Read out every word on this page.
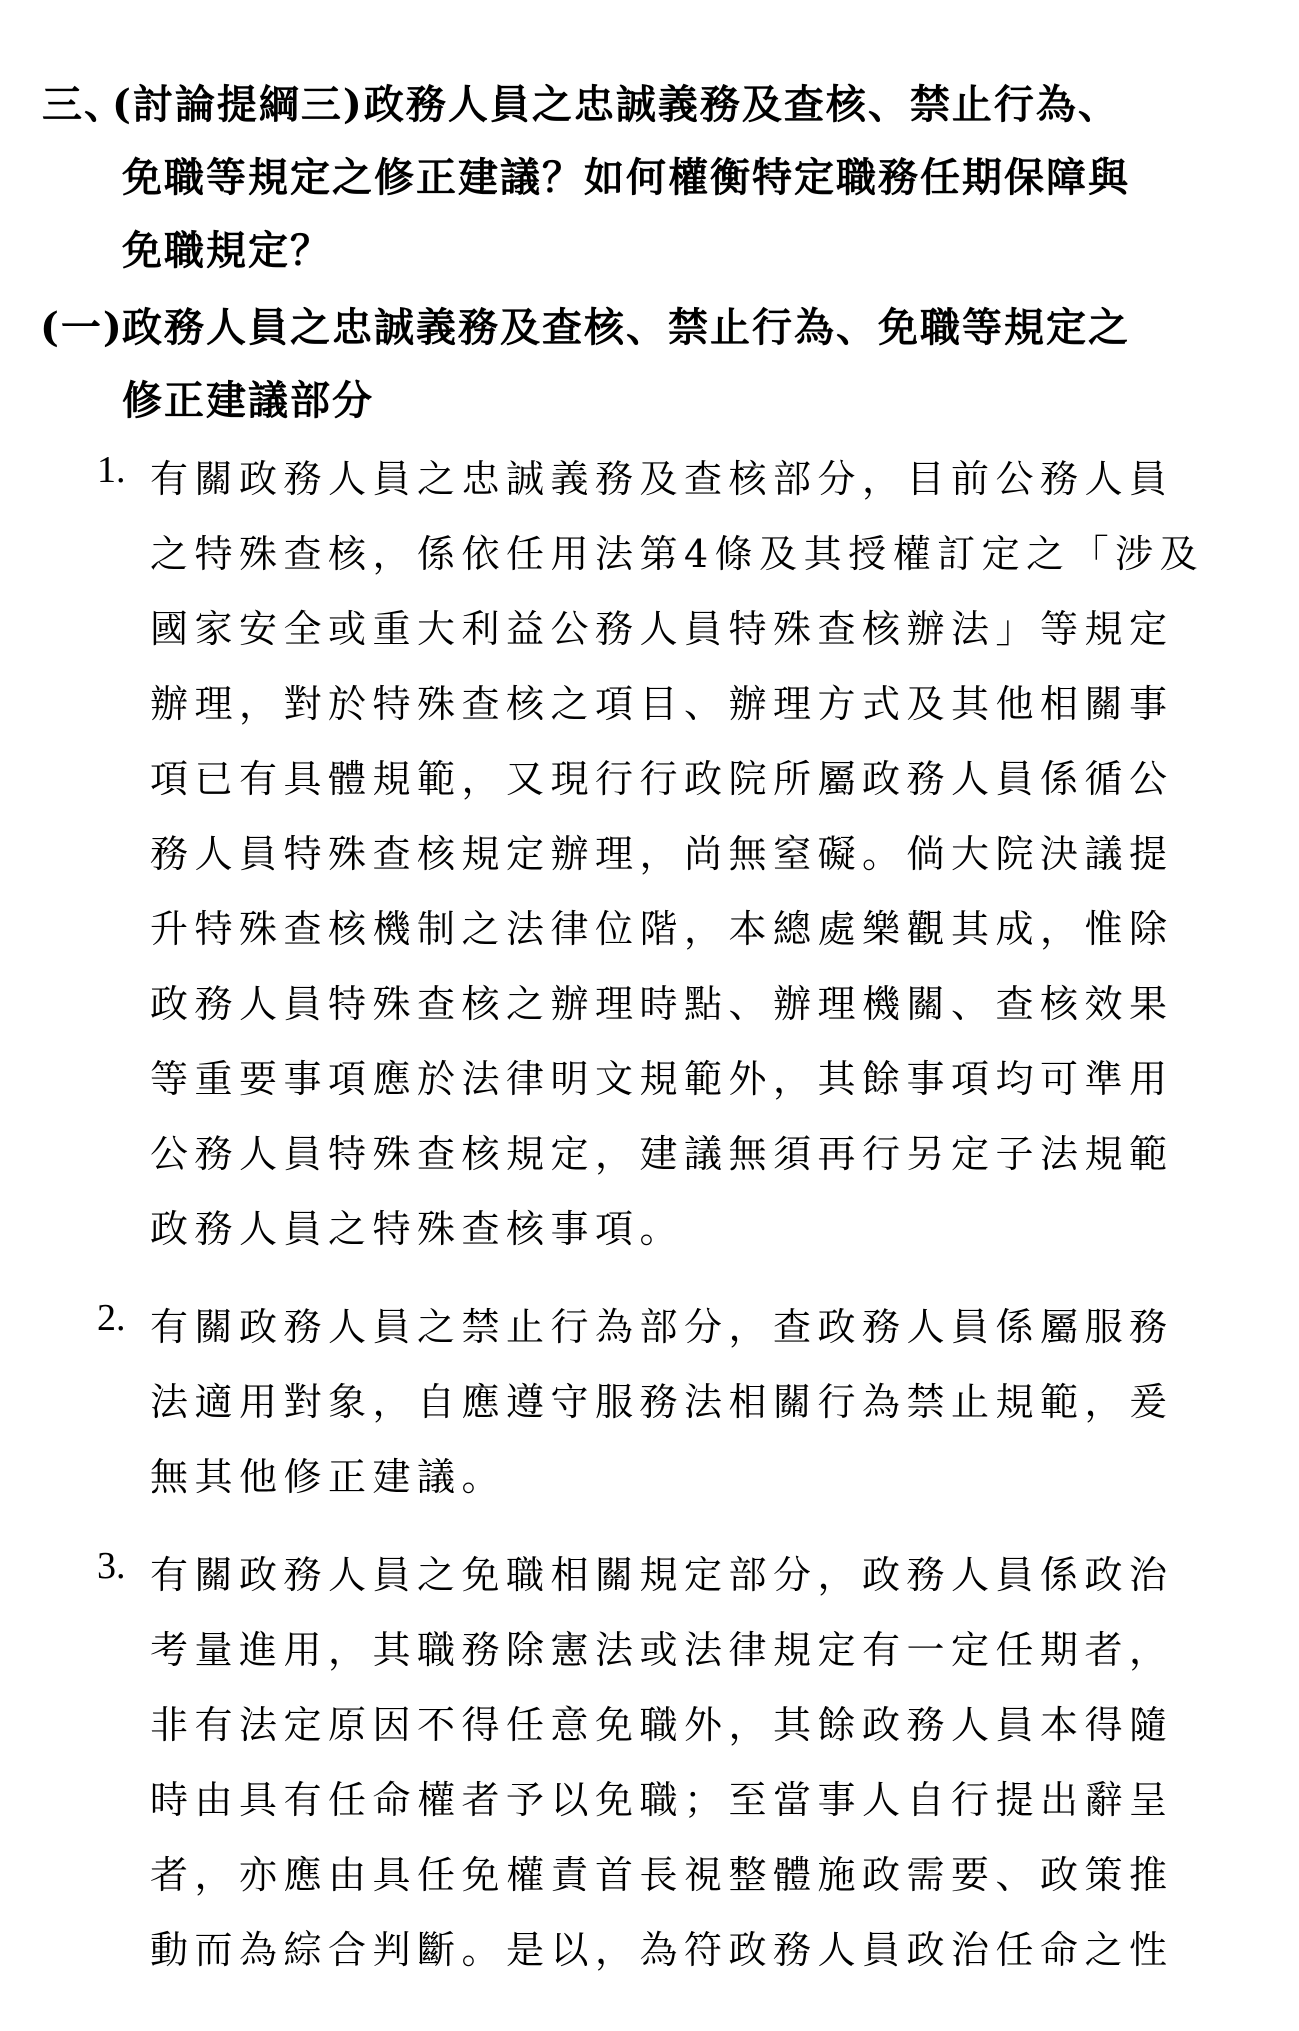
三、
(討論提綱三)政務人員之忠誠義務及查核、禁止行為、
免職等規定之修正建議？如何權衡特定職務任期保障與
免職規定？
(一)
政務人員之忠誠義務及查核、禁止行為、免職等規定之
修正建議部分
1. 有關政務人員之忠誠義務及查核部分，目前公務人員
之特殊查核，係依任用法第4條及其授權訂定之「涉及
國家安全或重大利益公務人員特殊查核辦法」等規定
辦理，對於特殊查核之項目、辦理方式及其他相關事
項已有具體規範，又現行行政院所屬政務人員係循公
務人員特殊查核規定辦理，尚無窒礙。倘大院決議提
升特殊查核機制之法律位階，本總處樂觀其成，惟除
政務人員特殊查核之辦理時點、辦理機關、查核效果
等重要事項應於法律明文規範外，其餘事項均可準用
公務人員特殊查核規定，建議無須再行另定子法規範
政務人員之特殊查核事項。
2. 有關政務人員之禁止行為部分，查政務人員係屬服務
法適用對象，自應遵守服務法相關行為禁止規範，爰
無其他修正建議。
3. 有關政務人員之免職相關規定部分，政務人員係政治
考量進用，其職務除憲法或法律規定有一定任期者，
非有法定原因不得任意免職外，其餘政務人員本得隨
時由具有任命權者予以免職；至當事人自行提出辭呈
者，亦應由具任免權責首長視整體施政需要、政策推
動而為綜合判斷。是以，為符政務人員政治任命之性
